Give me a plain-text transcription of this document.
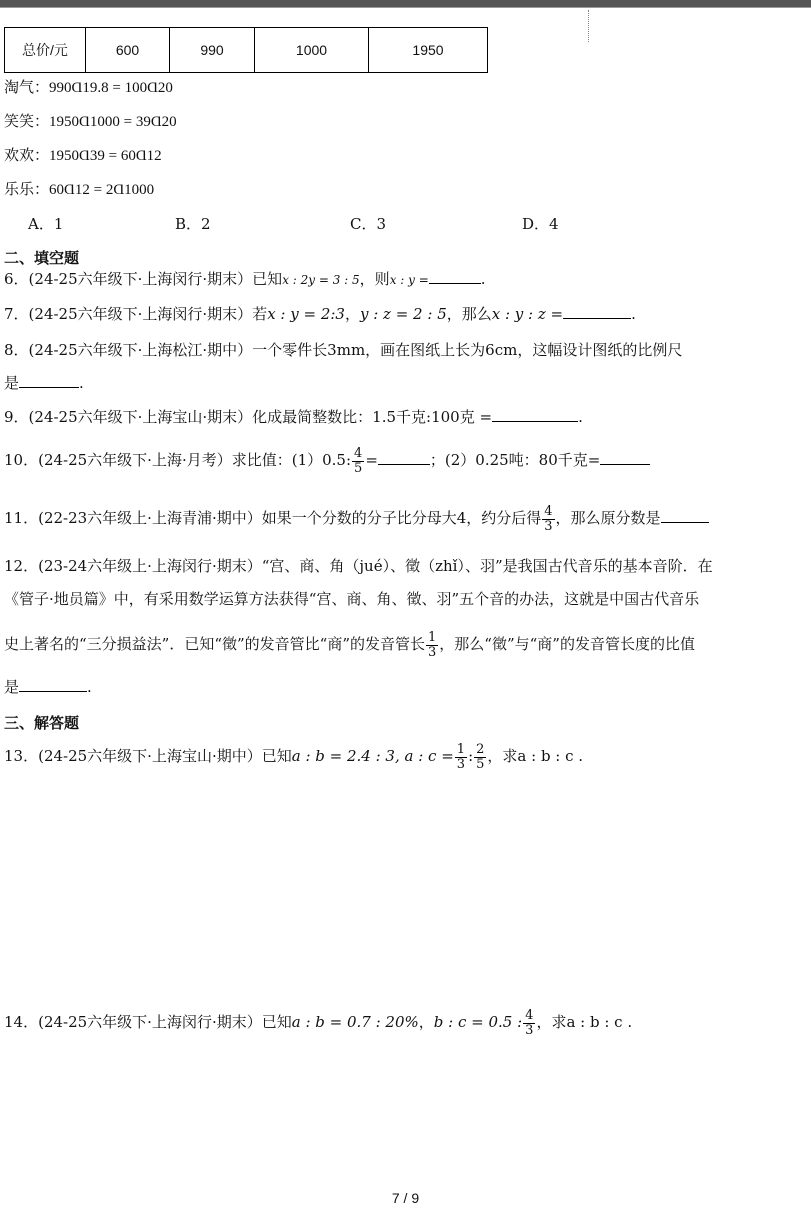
总价/元	600	990	1000	1950
淘气：990Ɑ19.8 = 100Ɑ20
笑笑：1950Ɑ1000 = 39Ɑ20
欢欢：1950Ɑ39 = 60Ɑ12
乐乐：60Ɑ12 = 2Ɑ1000
A．1	B．2	C．3	D．4
二、填空题
6．(24-25六年级下·上海闵行·期末）已知x : 2y = 3 : 5，则x : y =	.
7．(24-25六年级下·上海闵行·期末）若x : y = 2:3，y : z = 2 : 5，那么x : y : z =	.
8．(24-25六年级下·上海松江·期中）一个零件长3mm，画在图纸上长为6cm，这幅设计图纸的比例尺
是	.
9．(24-25六年级下·上海宝山·期末）化成最简整数比：1.5千克:100克 =	.
10．(24-25六年级下·上海·月考）求比值：(1）0.5: $\frac{4}{5}$ =	；(2）0.25吨：80千克=
11．(22-23六年级上·上海青浦·期中）如果一个分数的分子比分母大4，约分后得 $\frac{4}{3}$ ，那么原分数是
12．(23-24六年级上·上海闵行·期末）“宫、商、角（jué）、徵（zhǐ）、羽”是我国古代音乐的基本音阶．在
《管子·地员篇》中，有采用数学运算方法获得“宫、商、角、徵、羽”五个音的办法，这就是中国古代音乐
史上著名的“三分损益法”．已知“徵”的发音管比“商”的发音管长 $\frac{1}{3}$ ，那么“徵”与“商”的发音管长度的比值
是	.
三、解答题
13．(24-25六年级下·上海宝山·期中）已知a : b = 2.4 : 3, a : $c = \frac{1}{3}$ : $\frac{2}{5}$ ，求a : b : c .
14．(24-25六年级下·上海闵行·期末）已知a : b = 0.7 : 20%，b : c = 0.5 : $\frac{4}{3}$ ，求a : b : c .
7 / 9
